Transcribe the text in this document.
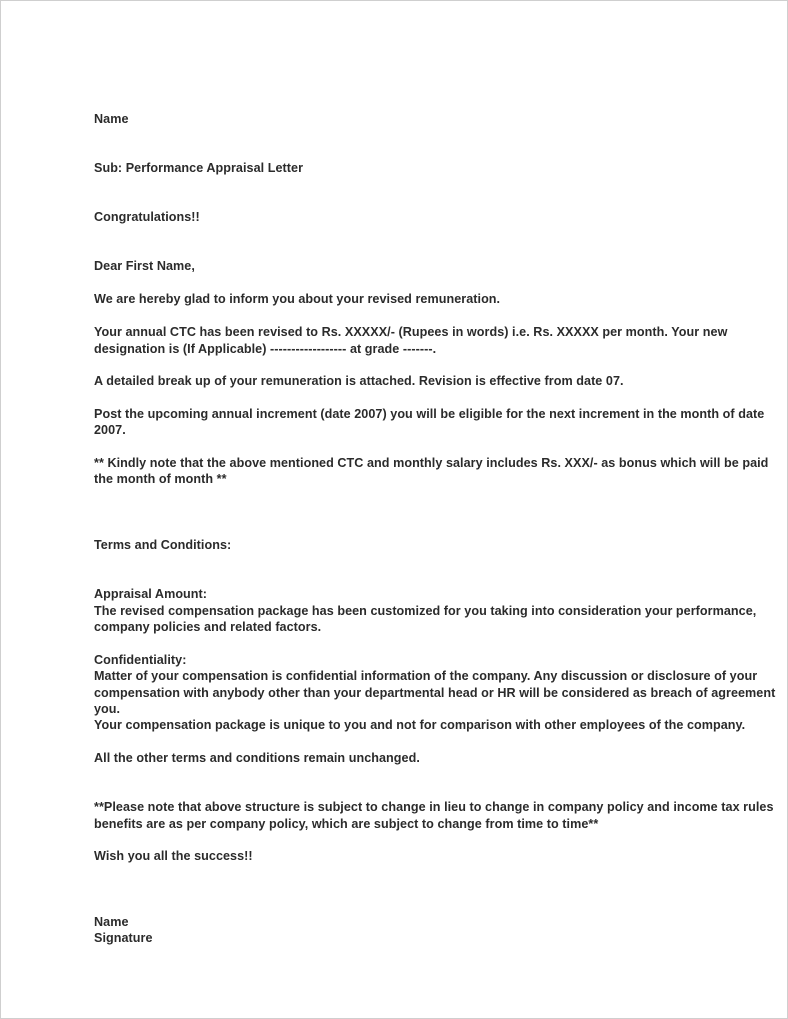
Name
Sub: Performance Appraisal Letter
Congratulations!!
Dear First Name,
We are hereby glad to inform you about your revised remuneration.
Your annual CTC has been revised to Rs. XXXXX/- (Rupees in words) i.e. Rs. XXXXX per month. Your new
designation is (If Applicable) ------------------ at grade -------.
A detailed break up of your remuneration is attached. Revision is effective from date 07.
Post the upcoming annual increment (date 2007) you will be eligible for the next increment in the month of date
2007.
** Kindly note that the above mentioned CTC and monthly salary includes Rs. XXX/- as bonus which will be paid
the month of month **
Terms and Conditions:
Appraisal Amount:
The revised compensation package has been customized for you taking into consideration your performance,
company policies and related factors.
Confidentiality:
Matter of your compensation is confidential information of the company. Any discussion or disclosure of your
compensation with anybody other than your departmental head or HR will be considered as breach of agreement
you.
Your compensation package is unique to you and not for comparison with other employees of the company.
All the other terms and conditions remain unchanged.
**Please note that above structure is subject to change in lieu to change in company policy and income tax rules
benefits are as per company policy, which are subject to change from time to time**
Wish you all the success!!
Name
Signature
